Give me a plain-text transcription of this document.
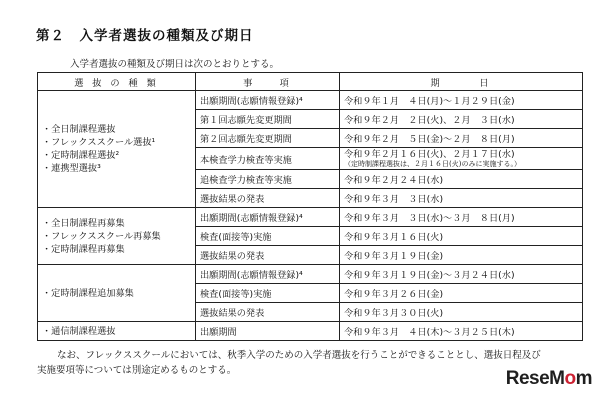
第２　入学者選抜の種類及び期日
入学者選抜の種類及び期日は次のとおりとする。
選 抜 の 種 類	事　　項	期　　　日

・全日制課程選抜
・フレックススクール選抜¹
・定時制課程選抜²
・連携型選抜³	出願期間(志願情報登録)⁴	令和９年１月　４日(月)～１月２９日(金)
	第１回志願先変更期間	令和９年２月　２日(火)、２月　３日(水)
	第２回志願先変更期間	令和９年２月　５日(金)～２月　８日(月)
	本検査学力検査等実施	令和９年２月１６日(火)、２月１７日(水)
（定時制課程選抜は、２月１６日(火)のみに実施する。）

	追検査学力検査等実施	令和９年２月２４日(水)
	選抜結果の発表	令和９年３月　３日(水)

・全日制課程再募集
・フレックススクール再募集
・定時制課程再募集	出願期間(志願情報登録)⁴	令和９年３月　３日(水)～３月　８日(月)
	検査(面接等)実施	令和９年３月１６日(火)
	選抜結果の発表	令和９年３月１９日(金)

・定時制課程追加募集	出願期間(志願情報登録)⁴	令和９年３月１９日(金)～３月２４日(水)
	検査(面接等)実施	令和９年３月２６日(金)
	選抜結果の発表	令和９年３月３０日(火)

・通信制課程選抜	出願期間	令和９年３月　４日(木)～３月２５日(木)
なお、フレックススクールにおいては、秋季入学のための入学者選抜を行うことができることとし、選抜日程及び
実施要項等については別途定めるものとする。	ReseMom
